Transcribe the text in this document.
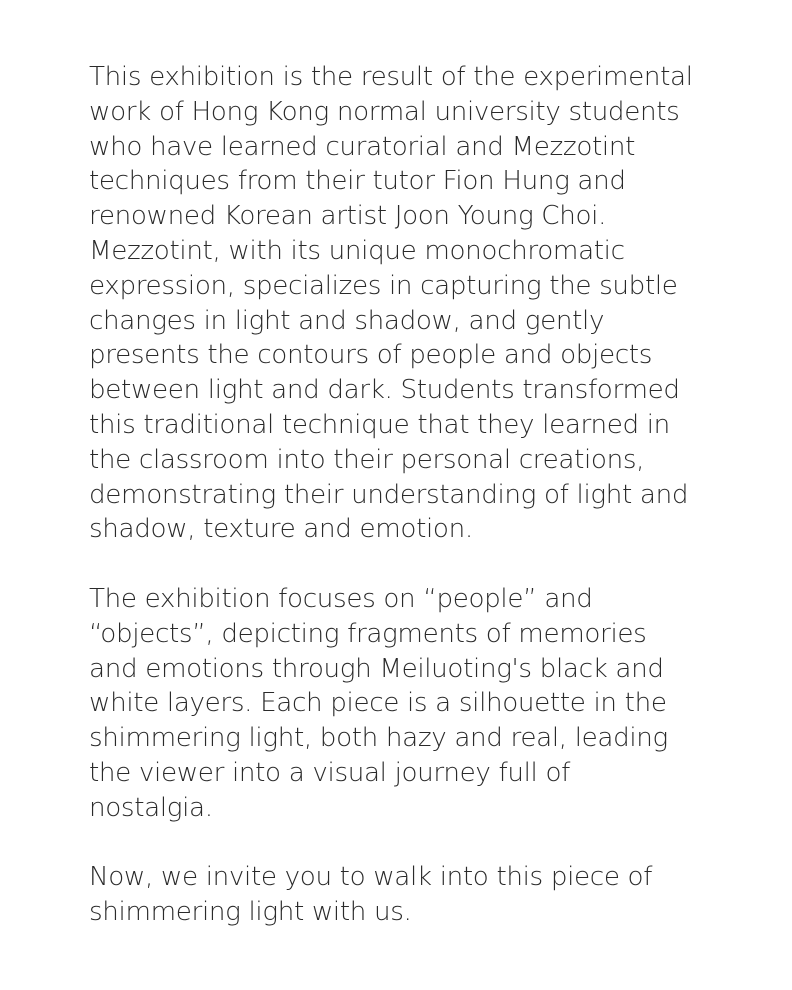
This exhibition is the result of the experimental
work of Hong Kong normal university students
who have learned curatorial and Mezzotint
techniques from their tutor Fion Hung and
renowned Korean artist Joon Young Choi.
Mezzotint, with its unique monochromatic
expression, specializes in capturing the subtle
changes in light and shadow, and gently
presents the contours of people and objects
between light and dark. Students transformed
this traditional technique that they learned in
the classroom into their personal creations,
demonstrating their understanding of light and
shadow, texture and emotion.

The exhibition focuses on “people” and
“objects”, depicting fragments of memories
and emotions through Meiluoting's black and
white layers. Each piece is a silhouette in the
shimmering light, both hazy and real, leading
the viewer into a visual journey full of
nostalgia.

Now, we invite you to walk into this piece of
shimmering light with us.
